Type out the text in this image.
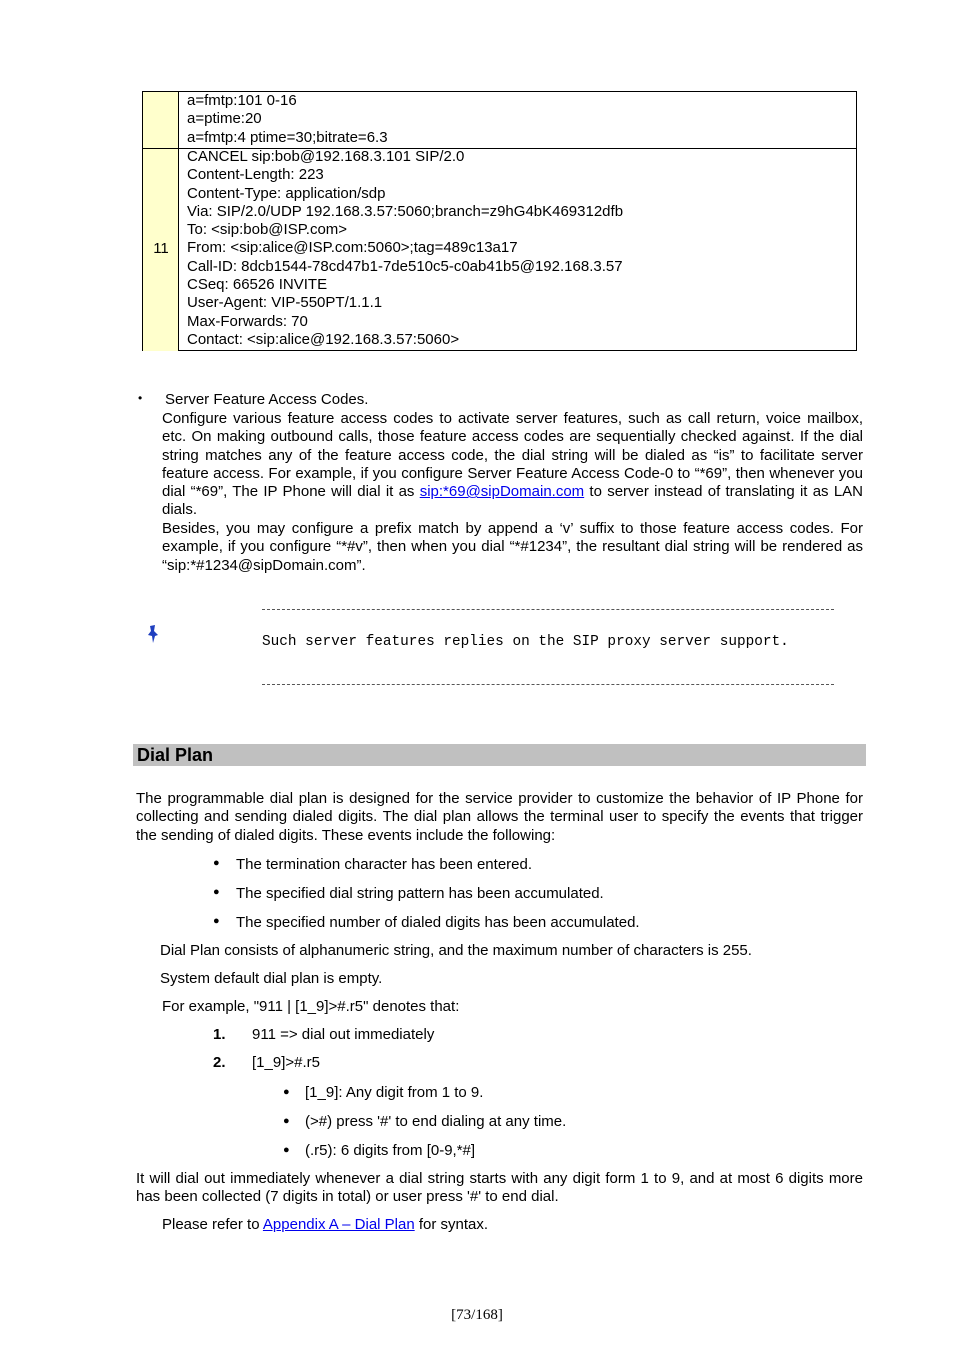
11
a=fmtp:101 0-16
a=ptime:20
a=fmtp:4 ptime=30;bitrate=6.3
CANCEL sip:bob@192.168.3.101 SIP/2.0
Content-Length: 223
Content-Type: application/sdp
Via: SIP/2.0/UDP 192.168.3.57:5060;branch=z9hG4bK469312dfb
To: <sip:bob@ISP.com>
From: <sip:alice@ISP.com:5060>;tag=489c13a17
Call-ID: 8dcb1544-78cd47b1-7de510c5-c0ab41b5@192.168.3.57
CSeq: 66526 INVITE
User-Agent: VIP-550PT/1.1.1
Max-Forwards: 70
Contact: <sip:alice@192.168.3.57:5060>
• Server Feature Access Codes.
Configure various feature access codes to activate server features, such as call return, voice mailbox, etc. On making outbound calls, those feature access codes are sequentially checked against. If the dial string matches any of the feature access code, the dial string will be dialed as “is” to facilitate server feature access. For example, if you configure Server Feature Access Code-0 to “*69”, then whenever you dial “*69”, The IP Phone will dial it as sip:*69@sipDomain.com to server instead of translating it as LAN dials.
Besides, you may configure a prefix match by append a ‘v’ suffix to those feature access codes. For example, if you configure “*#v”, then when you dial “*#1234”, the resultant dial string will be rendered as “sip:*#1234@sipDomain.com”.
Such server features replies on the SIP proxy server support.
Dial Plan
The programmable dial plan is designed for the service provider to customize the behavior of IP Phone for collecting and sending dialed digits. The dial plan allows the terminal user to specify the events that trigger the sending of dialed digits. These events include the following:
● The termination character has been entered.
● The specified dial string pattern has been accumulated.
● The specified number of dialed digits has been accumulated.
Dial Plan consists of alphanumeric string, and the maximum number of characters is 255.
System default dial plan is empty.
For example, "911 | [1_9]>#.r5" denotes that:
1. 911 => dial out immediately
2. [1_9]>#.r5
● [1_9]: Any digit from 1 to 9.
● (>#) press '#' to end dialing at any time.
● (.r5): 6 digits from [0-9,*#]
It will dial out immediately whenever a dial string starts with any digit form 1 to 9, and at most 6 digits more has been collected (7 digits in total) or user press '#' to end dial.
Please refer to Appendix A – Dial Plan for syntax.
[73/168]
